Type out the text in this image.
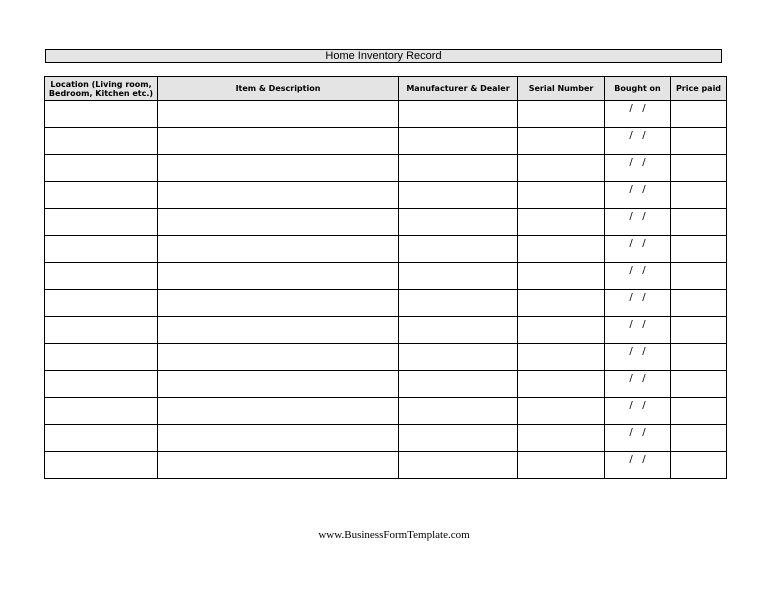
Home Inventory Record
Location (Living room, Bedroom, Kitchen etc.)	Item & Description	Manufacturer & Dealer	Serial Number	Bought on	Price paid
				/   /	
				/   /	
				/   /	
				/   /	
				/   /	
				/   /	
				/   /	
				/   /	
				/   /	
				/   /	
				/   /	
				/   /	
				/   /	
				/   /	
www.BusinessFormTemplate.com
